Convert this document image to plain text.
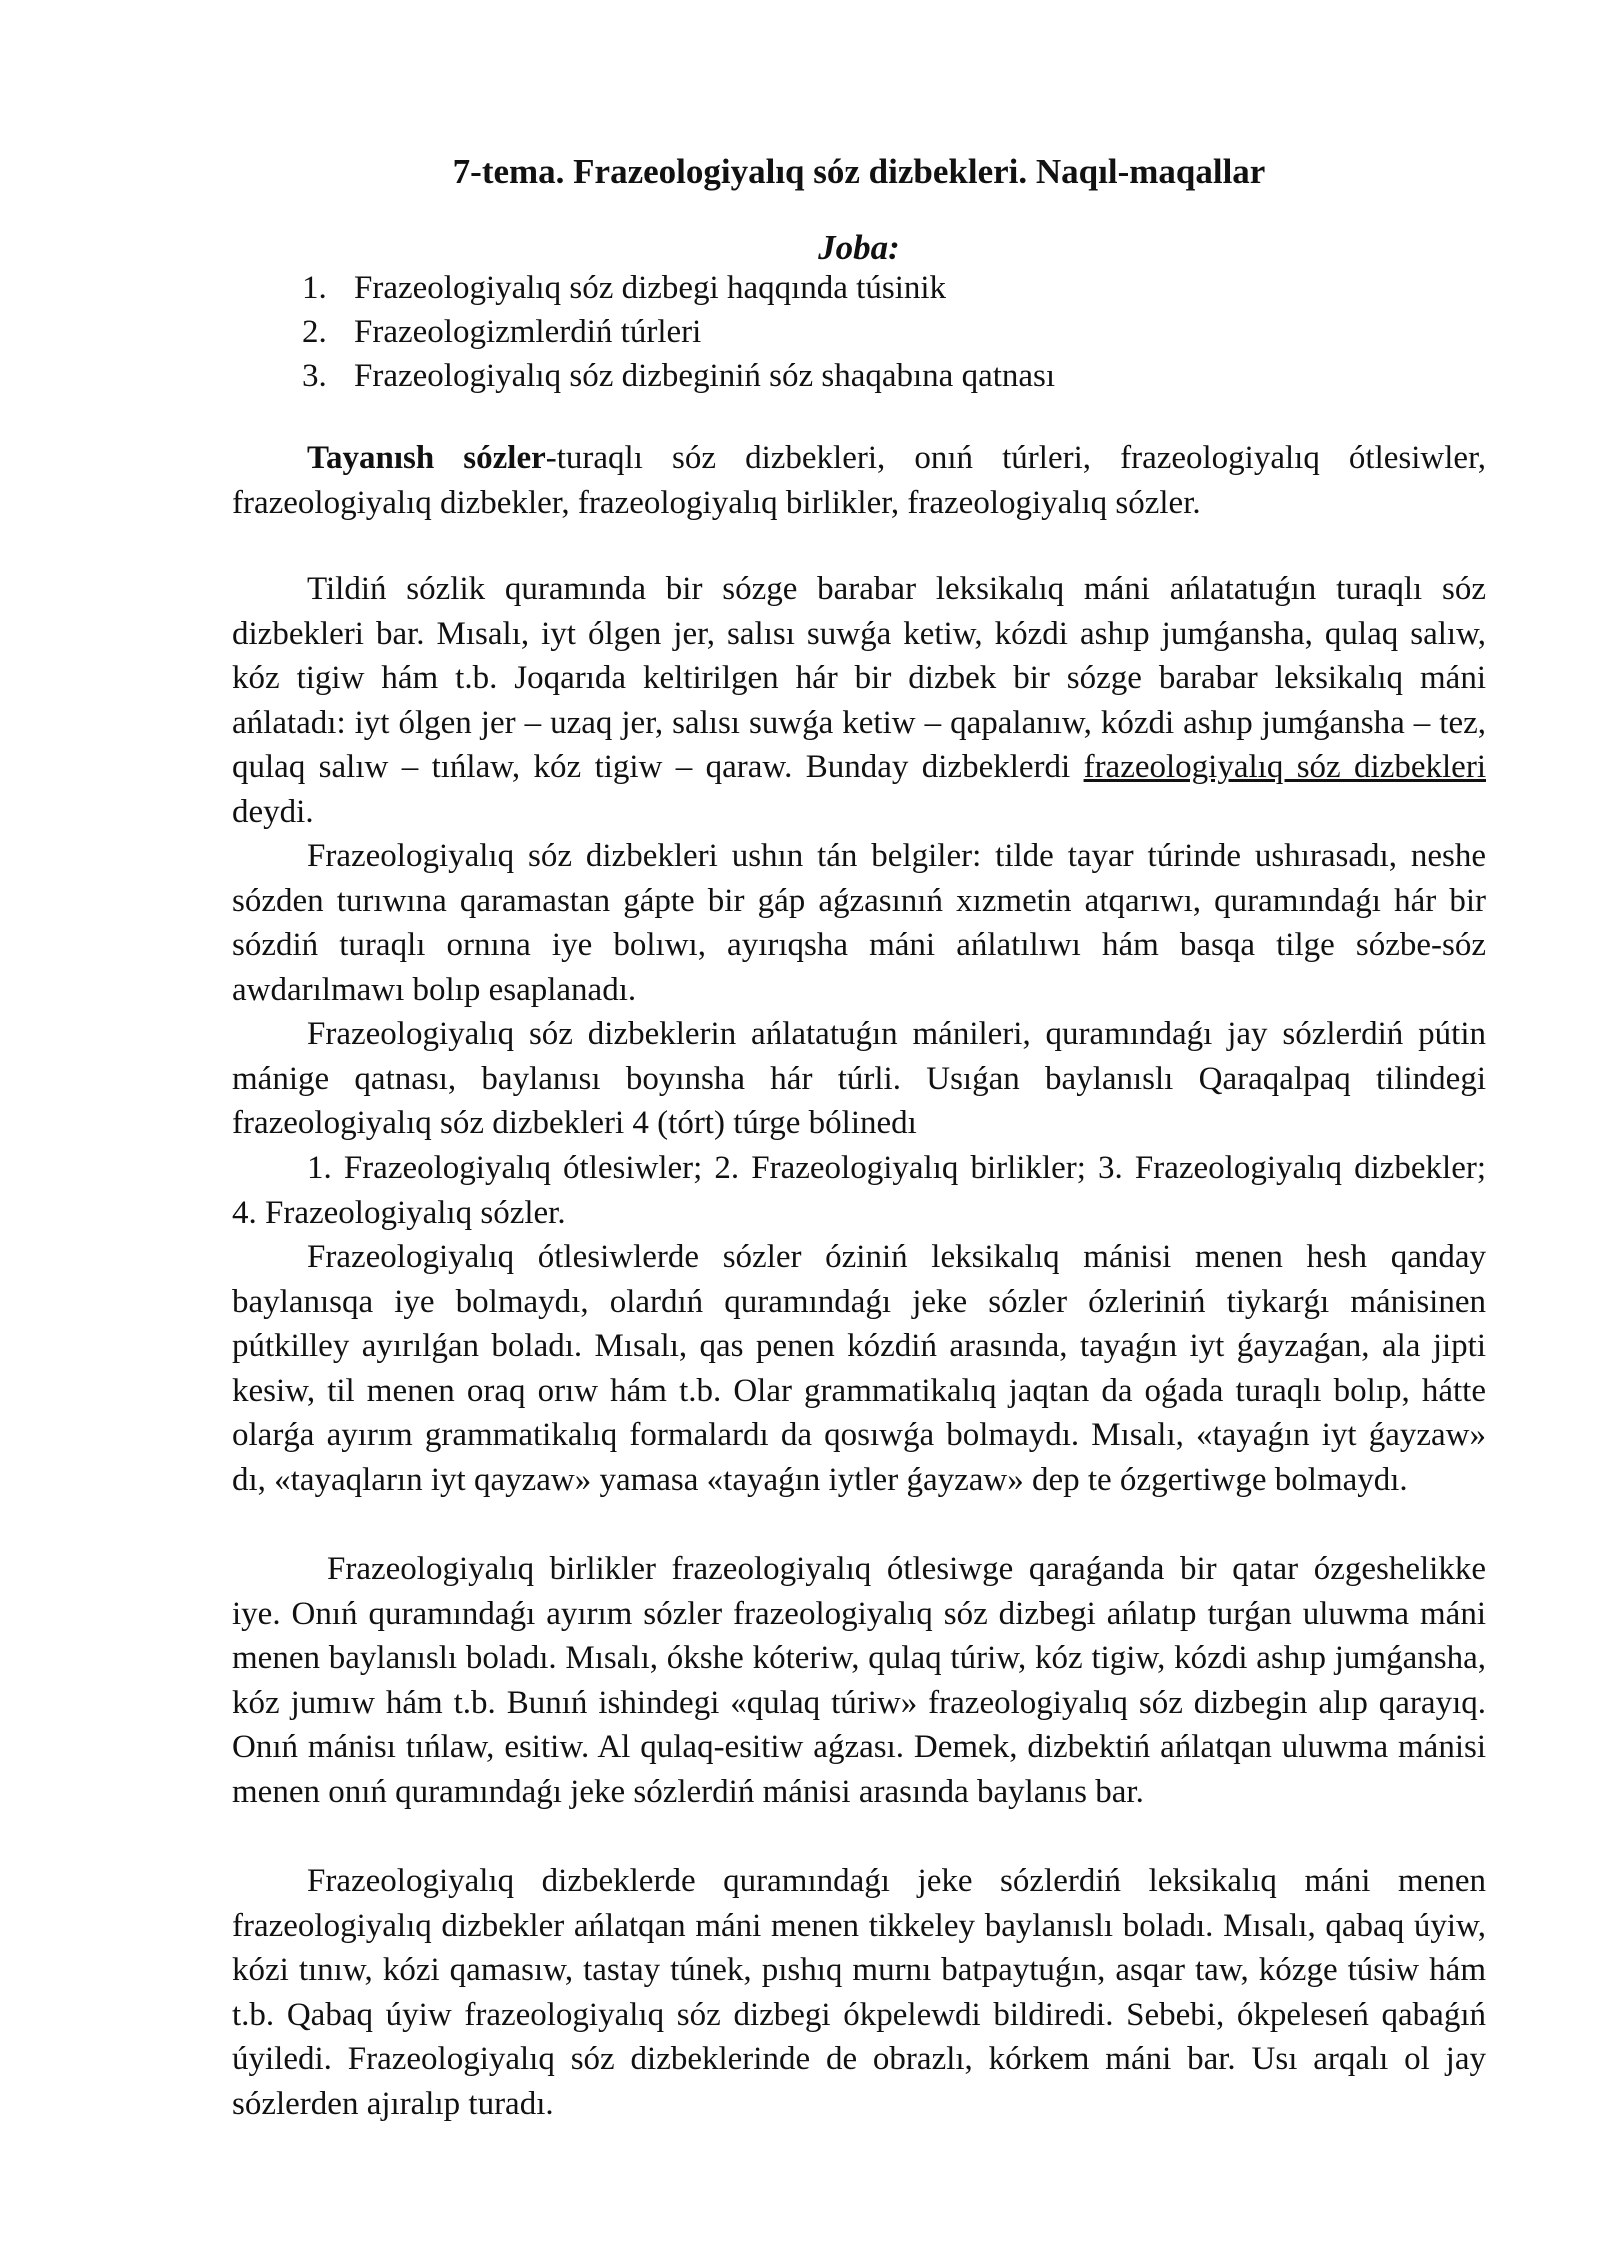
7-tema. Frazeologiyalıq sóz dizbekleri. Naqıl-maqallar
Joba:
1. Frazeologiyalıq sóz dizbegi haqqında túsinik
2. Frazeologizmlerdiń túrleri
3. Frazeologiyalıq sóz dizbeginiń sóz shaqabına qatnası

Tayanısh sózler-turaqlı sóz dizbekleri, onıń túrleri, frazeologiyalıq ótlesiwler, frazeologiyalıq dizbekler, frazeologiyalıq birlikler, frazeologiyalıq sózler.

Tildiń sózlik quramında bir sózge barabar leksikalıq máni ańlatatuǵın turaqlı sóz dizbekleri bar. Mısalı, iyt ólgen jer, salısı suwǵa ketiw, kózdi ashıp jumǵansha, qulaq salıw, kóz tigiw hám t.b. Joqarıda keltirilgen hár bir dizbek bir sózge barabar leksikalıq máni ańlatadı: iyt ólgen jer – uzaq jer, salısı suwǵa ketiw – qapalanıw, kózdi ashıp jumǵansha – tez, qulaq salıw – tıńlaw, kóz tigiw – qaraw. Bunday dizbeklerdi frazeologiyalıq sóz dizbekleri deydi.

Frazeologiyalıq sóz dizbekleri ushın tán belgiler: tilde tayar túrinde ushırasadı, neshe sózden turıwına qaramastan gápte bir gáp aǵzasınıń xızmetin atqarıwı, quramındaǵı hár bir sózdiń turaqlı ornına iye bolıwı, ayırıqsha máni ańlatılıwı hám basqa tilge sózbe-sóz awdarılmawı bolıp esaplanadı.

Frazeologiyalıq sóz dizbeklerin ańlatatuǵın mánileri, quramındaǵı jay sózlerdiń pútin mánige qatnası, baylanısı boyınsha hár túrli. Usıǵan baylanıslı Qaraqalpaq tilindegi frazeologiyalıq sóz dizbekleri 4 (tórt) túrge bólinedı

1. Frazeologiyalıq ótlesiwler; 2. Frazeologiyalıq birlikler; 3. Frazeologiyalıq dizbekler; 4. Frazeologiyalıq sózler.

Frazeologiyalıq ótlesiwlerde sózler óziniń leksikalıq mánisi menen hesh qanday baylanısqa iye bolmaydı, olardıń quramındaǵı jeke sózler ózleriniń tiykarǵı mánisinen pútkilley ayırılǵan boladı. Mısalı, qas penen kózdiń arasında, tayaǵın iyt ǵayzaǵan, ala jipti kesiw, til menen oraq orıw hám t.b. Olar grammatikalıq jaqtan da oǵada turaqlı bolıp, hátte olarǵa ayırım grammatikalıq formalardı da qosıwǵa bolmaydı. Mısalı, «tayaǵın iyt ǵayzaw» dı, «tayaqların iyt qayzaw» yamasa «tayaǵın iytler ǵayzaw» dep te ózgertiwge bolmaydı.

Frazeologiyalıq birlikler frazeologiyalıq ótlesiwge qaraǵanda bir qatar ózgeshelikke iye. Onıń quramındaǵı ayırım sózler frazeologiyalıq sóz dizbegi ańlatıp turǵan uluwma máni menen baylanıslı boladı. Mısalı, ókshe kóteriw, qulaq túriw, kóz tigiw, kózdi ashıp jumǵansha, kóz jumıw hám t.b. Bunıń ishindegi «qulaq túriw» frazeologiyalıq sóz dizbegin alıp qarayıq. Onıń mánisı tıńlaw, esitiw. Al qulaq-esitiw aǵzası. Demek, dizbektiń ańlatqan uluwma mánisi menen onıń quramındaǵı jeke sózlerdiń mánisi arasında baylanıs bar.

Frazeologiyalıq dizbeklerde quramındaǵı jeke sózlerdiń leksikalıq máni menen frazeologiyalıq dizbekler ańlatqan máni menen tikkeley baylanıslı boladı. Mısalı, qabaq úyiw, kózi tınıw, kózi qamasıw, tastay túnek, pıshıq murnı batpaytuǵın, asqar taw, kózge túsiw hám t.b. Qabaq úyiw frazeologiyalıq sóz dizbegi ókpelewdi bildiredi. Sebebi, ókpeleseń qabaǵıń úyiledi. Frazeologiyalıq sóz dizbeklerinde de obrazlı, kórkem máni bar. Usı arqalı ol jay sózlerden ajıralıp turadı.
